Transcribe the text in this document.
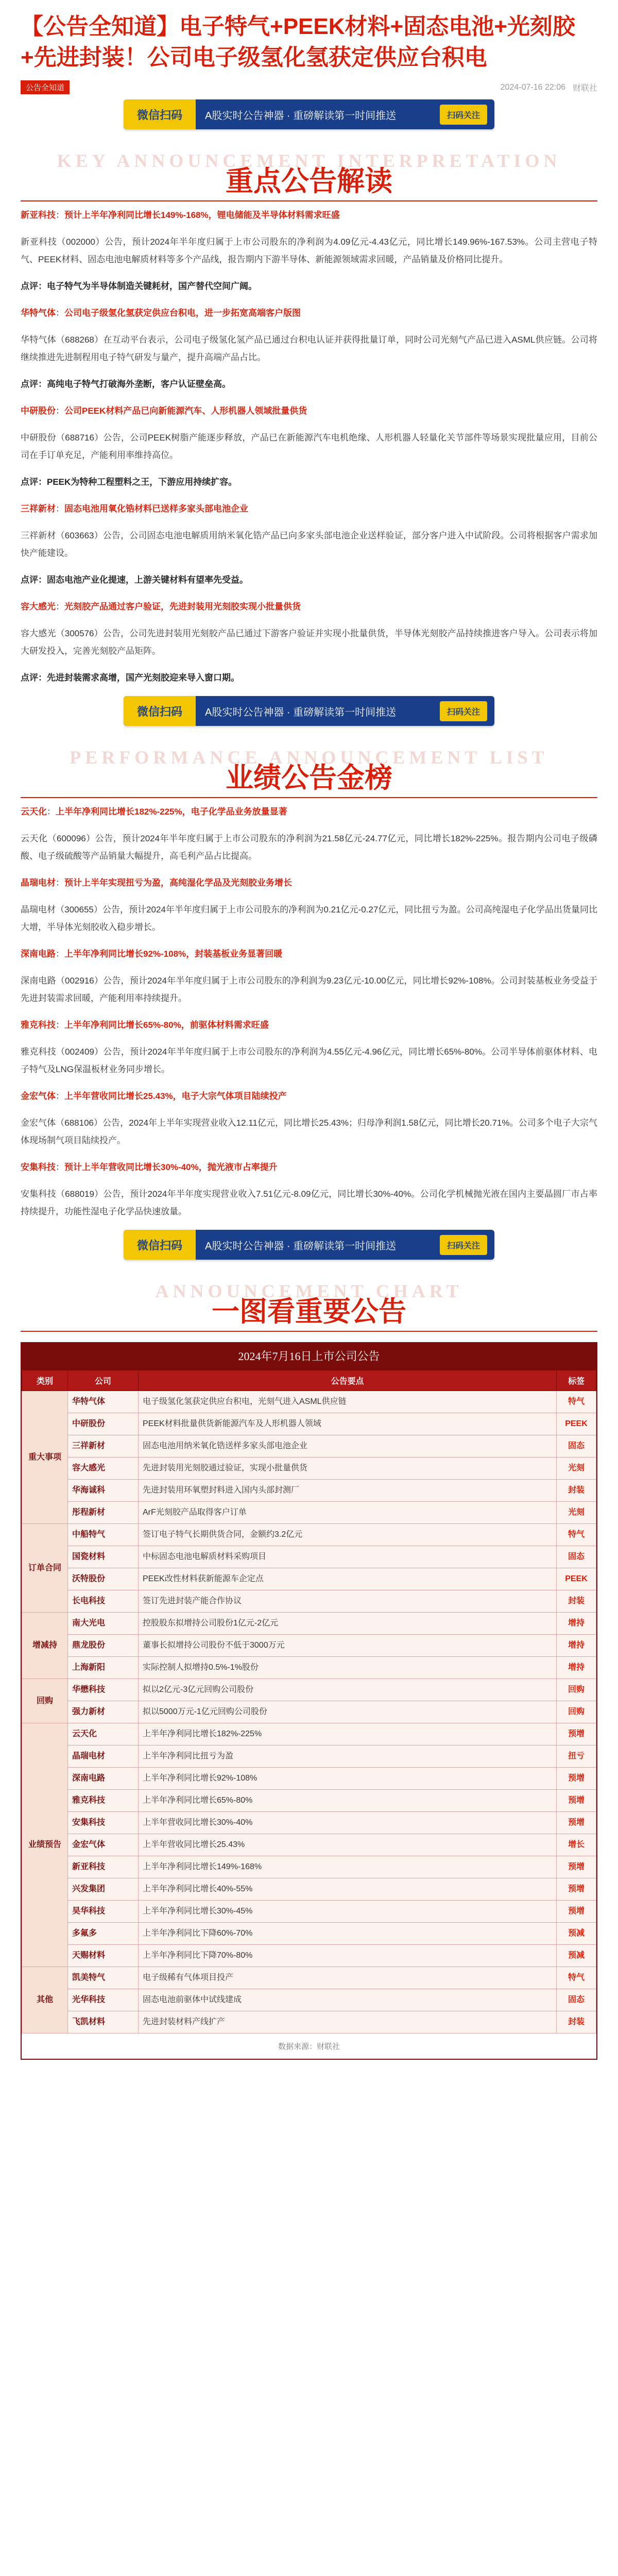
【公告全知道】电子特气+PEEK材料+固态电池+光刻胶+先进封装！公司电子级氢化氢获定供应台积电
公告全知道	2024-07-16 22:06 财联社
微信扫码	A股实时公告神器 · 重磅解读第一时间推送	扫码关注
KEY ANNOUNCEMENT INTERPRETATION
重点公告解读

新亚科技：预计上半年净利同比增长149%-168%，锂电储能及半导体材料需求旺盛

新亚科技（002000）公告，预计2024年半年度归属于上市公司股东的净利润为4.09亿元-4.43亿元，同比增长149.96%-167.53%。公司主营电子特气、PEEK材料、固态电池电解质材料等多个产品线，报告期内下游半导体、新能源领域需求回暖，产品销量及价格同比提升。

点评：电子特气为半导体制造关键耗材，国产替代空间广阔。

华特气体：公司电子级氢化氢获定供应台积电，进一步拓宽高端客户版图

华特气体（688268）在互动平台表示，公司电子级氢化氢产品已通过台积电认证并获得批量订单，同时公司光刻气产品已进入ASML供应链。公司将继续推进先进制程用电子特气研发与量产，提升高端产品占比。

点评：高纯电子特气打破海外垄断，客户认证壁垒高。

中研股份：公司PEEK材料产品已向新能源汽车、人形机器人领域批量供货

中研股份（688716）公告，公司PEEK树脂产能逐步释放，产品已在新能源汽车电机绝缘、人形机器人轻量化关节部件等场景实现批量应用，目前公司在手订单充足，产能利用率维持高位。

点评：PEEK为特种工程塑料之王，下游应用持续扩容。

三祥新材：固态电池用氧化锆材料已送样多家头部电池企业

三祥新材（603663）公告，公司固态电池电解质用纳米氧化锆产品已向多家头部电池企业送样验证，部分客户进入中试阶段。公司将根据客户需求加快产能建设。

点评：固态电池产业化提速，上游关键材料有望率先受益。

容大感光：光刻胶产品通过客户验证，先进封装用光刻胶实现小批量供货

容大感光（300576）公告，公司先进封装用光刻胶产品已通过下游客户验证并实现小批量供货，半导体光刻胶产品持续推进客户导入。公司表示将加大研发投入，完善光刻胶产品矩阵。

点评：先进封装需求高增，国产光刻胶迎来导入窗口期。

微信扫码	A股实时公告神器 · 重磅解读第一时间推送	扫码关注
PERFORMANCE ANNOUNCEMENT LIST
业绩公告金榜

云天化：上半年净利同比增长182%-225%，电子化学品业务放量显著

云天化（600096）公告，预计2024年半年度归属于上市公司股东的净利润为21.58亿元-24.77亿元，同比增长182%-225%。报告期内公司电子级磷酸、电子级硫酸等产品销量大幅提升，高毛利产品占比提高。

晶瑞电材：预计上半年实现扭亏为盈，高纯湿化学品及光刻胶业务增长

晶瑞电材（300655）公告，预计2024年半年度归属于上市公司股东的净利润为0.21亿元-0.27亿元，同比扭亏为盈。公司高纯湿电子化学品出货量同比大增，半导体光刻胶收入稳步增长。

深南电路：上半年净利同比增长92%-108%，封装基板业务显著回暖

深南电路（002916）公告，预计2024年半年度归属于上市公司股东的净利润为9.23亿元-10.00亿元，同比增长92%-108%。公司封装基板业务受益于先进封装需求回暖，产能利用率持续提升。

雅克科技：上半年净利同比增长65%-80%，前驱体材料需求旺盛

雅克科技（002409）公告，预计2024年半年度归属于上市公司股东的净利润为4.55亿元-4.96亿元，同比增长65%-80%。公司半导体前驱体材料、电子特气及LNG保温板材业务同步增长。

金宏气体：上半年营收同比增长25.43%，电子大宗气体项目陆续投产

金宏气体（688106）公告，2024年上半年实现营业收入12.11亿元，同比增长25.43%；归母净利润1.58亿元，同比增长20.71%。公司多个电子大宗气体现场制气项目陆续投产。

安集科技：预计上半年营收同比增长30%-40%，抛光液市占率提升

安集科技（688019）公告，预计2024年半年度实现营业收入7.51亿元-8.09亿元，同比增长30%-40%。公司化学机械抛光液在国内主要晶圆厂市占率持续提升，功能性湿电子化学品快速放量。

微信扫码	A股实时公告神器 · 重磅解读第一时间推送	扫码关注
ANNOUNCEMENT CHART
一图看重要公告
2024年7月16日上市公司公告
类别	公司	公告要点	标签
重大事项	华特气体	电子级氢化氢获定供应台积电，光刻气进入ASML供应链	特气
	中研股份	PEEK材料批量供货新能源汽车及人形机器人领域	PEEK
	三祥新材	固态电池用纳米氧化锆送样多家头部电池企业	固态
	容大感光	先进封装用光刻胶通过验证，实现小批量供货	光刻
	华海诚科	先进封装用环氧塑封料进入国内头部封测厂	封装
	彤程新材	ArF光刻胶产品取得客户订单	光刻
订单合同	中船特气	签订电子特气长期供货合同，金额约3.2亿元	特气
	国瓷材料	中标固态电池电解质材料采购项目	固态
	沃特股份	PEEK改性材料获新能源车企定点	PEEK
	长电科技	签订先进封装产能合作协议	封装
增减持	南大光电	控股股东拟增持公司股份1亿元-2亿元	增持
	鼎龙股份	董事长拟增持公司股份不低于3000万元	增持
	上海新阳	实际控制人拟增持0.5%-1%股份	增持
回购	华懋科技	拟以2亿元-3亿元回购公司股份	回购
	强力新材	拟以5000万元-1亿元回购公司股份	回购
业绩预告	云天化	上半年净利同比增长182%-225%	预增
	晶瑞电材	上半年净利同比扭亏为盈	扭亏
	深南电路	上半年净利同比增长92%-108%	预增
	雅克科技	上半年净利同比增长65%-80%	预增
	安集科技	上半年营收同比增长30%-40%	预增
	金宏气体	上半年营收同比增长25.43%	增长
	新亚科技	上半年净利同比增长149%-168%	预增
	兴发集团	上半年净利同比增长40%-55%	预增
	昊华科技	上半年净利同比增长30%-45%	预增
	多氟多	上半年净利同比下降60%-70%	预减
	天赐材料	上半年净利同比下降70%-80%	预减
其他	凯美特气	电子级稀有气体项目投产	特气
	光华科技	固态电池前驱体中试线建成	固态
	飞凯材料	先进封装材料产线扩产	封装
数据来源：财联社
